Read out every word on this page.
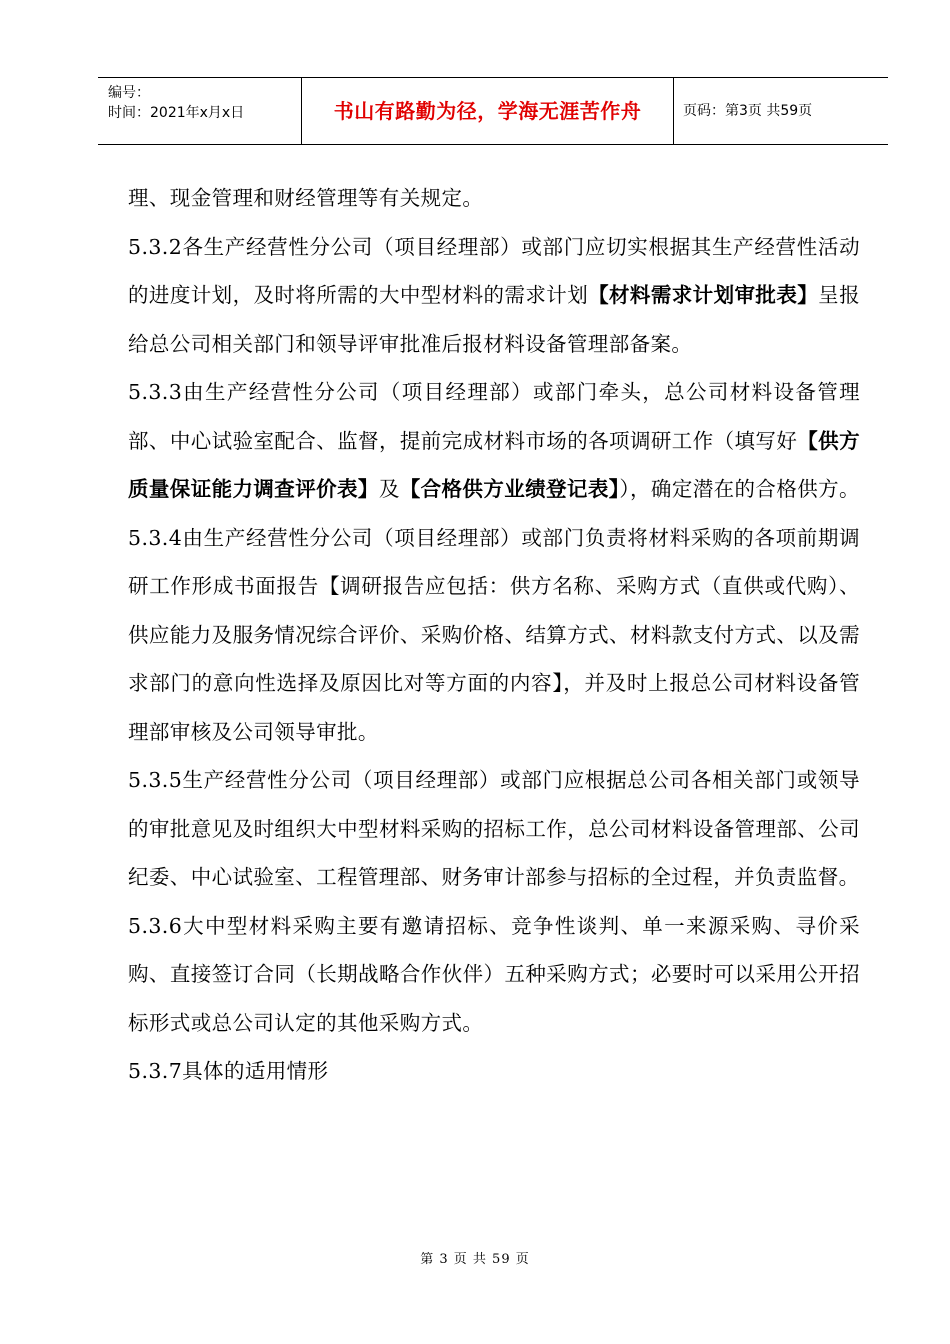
编号：
时间：2021年x月x日	书山有路勤为径，学海无涯苦作舟	页码：第3页 共59页

理、现金管理和财经管理等有关规定。

5.3.2各生产经营性分公司（项目经理部）或部门应切实根据其生产经营性活动的进度计划，及时将所需的大中型材料的需求计划【材料需求计划审批表】呈报给总公司相关部门和领导评审批准后报材料设备管理部备案。

5.3.3由生产经营性分公司（项目经理部）或部门牵头，总公司材料设备管理部、中心试验室配合、监督，提前完成材料市场的各项调研工作（填写好【供方质量保证能力调查评价表】及【合格供方业绩登记表】），确定潜在的合格供方。

5.3.4由生产经营性分公司（项目经理部）或部门负责将材料采购的各项前期调研工作形成书面报告【调研报告应包括：供方名称、采购方式（直供或代购）、供应能力及服务情况综合评价、采购价格、结算方式、材料款支付方式、以及需求部门的意向性选择及原因比对等方面的内容】，并及时上报总公司材料设备管理部审核及公司领导审批。

5.3.5生产经营性分公司（项目经理部）或部门应根据总公司各相关部门或领导的审批意见及时组织大中型材料采购的招标工作，总公司材料设备管理部、公司纪委、中心试验室、工程管理部、财务审计部参与招标的全过程，并负责监督。

5.3.6大中型材料采购主要有邀请招标、竞争性谈判、单一来源采购、寻价采购、直接签订合同（长期战略合作伙伴）五种采购方式；必要时可以采用公开招标形式或总公司认定的其他采购方式。

5.3.7具体的适用情形

第 3 页 共 59 页
